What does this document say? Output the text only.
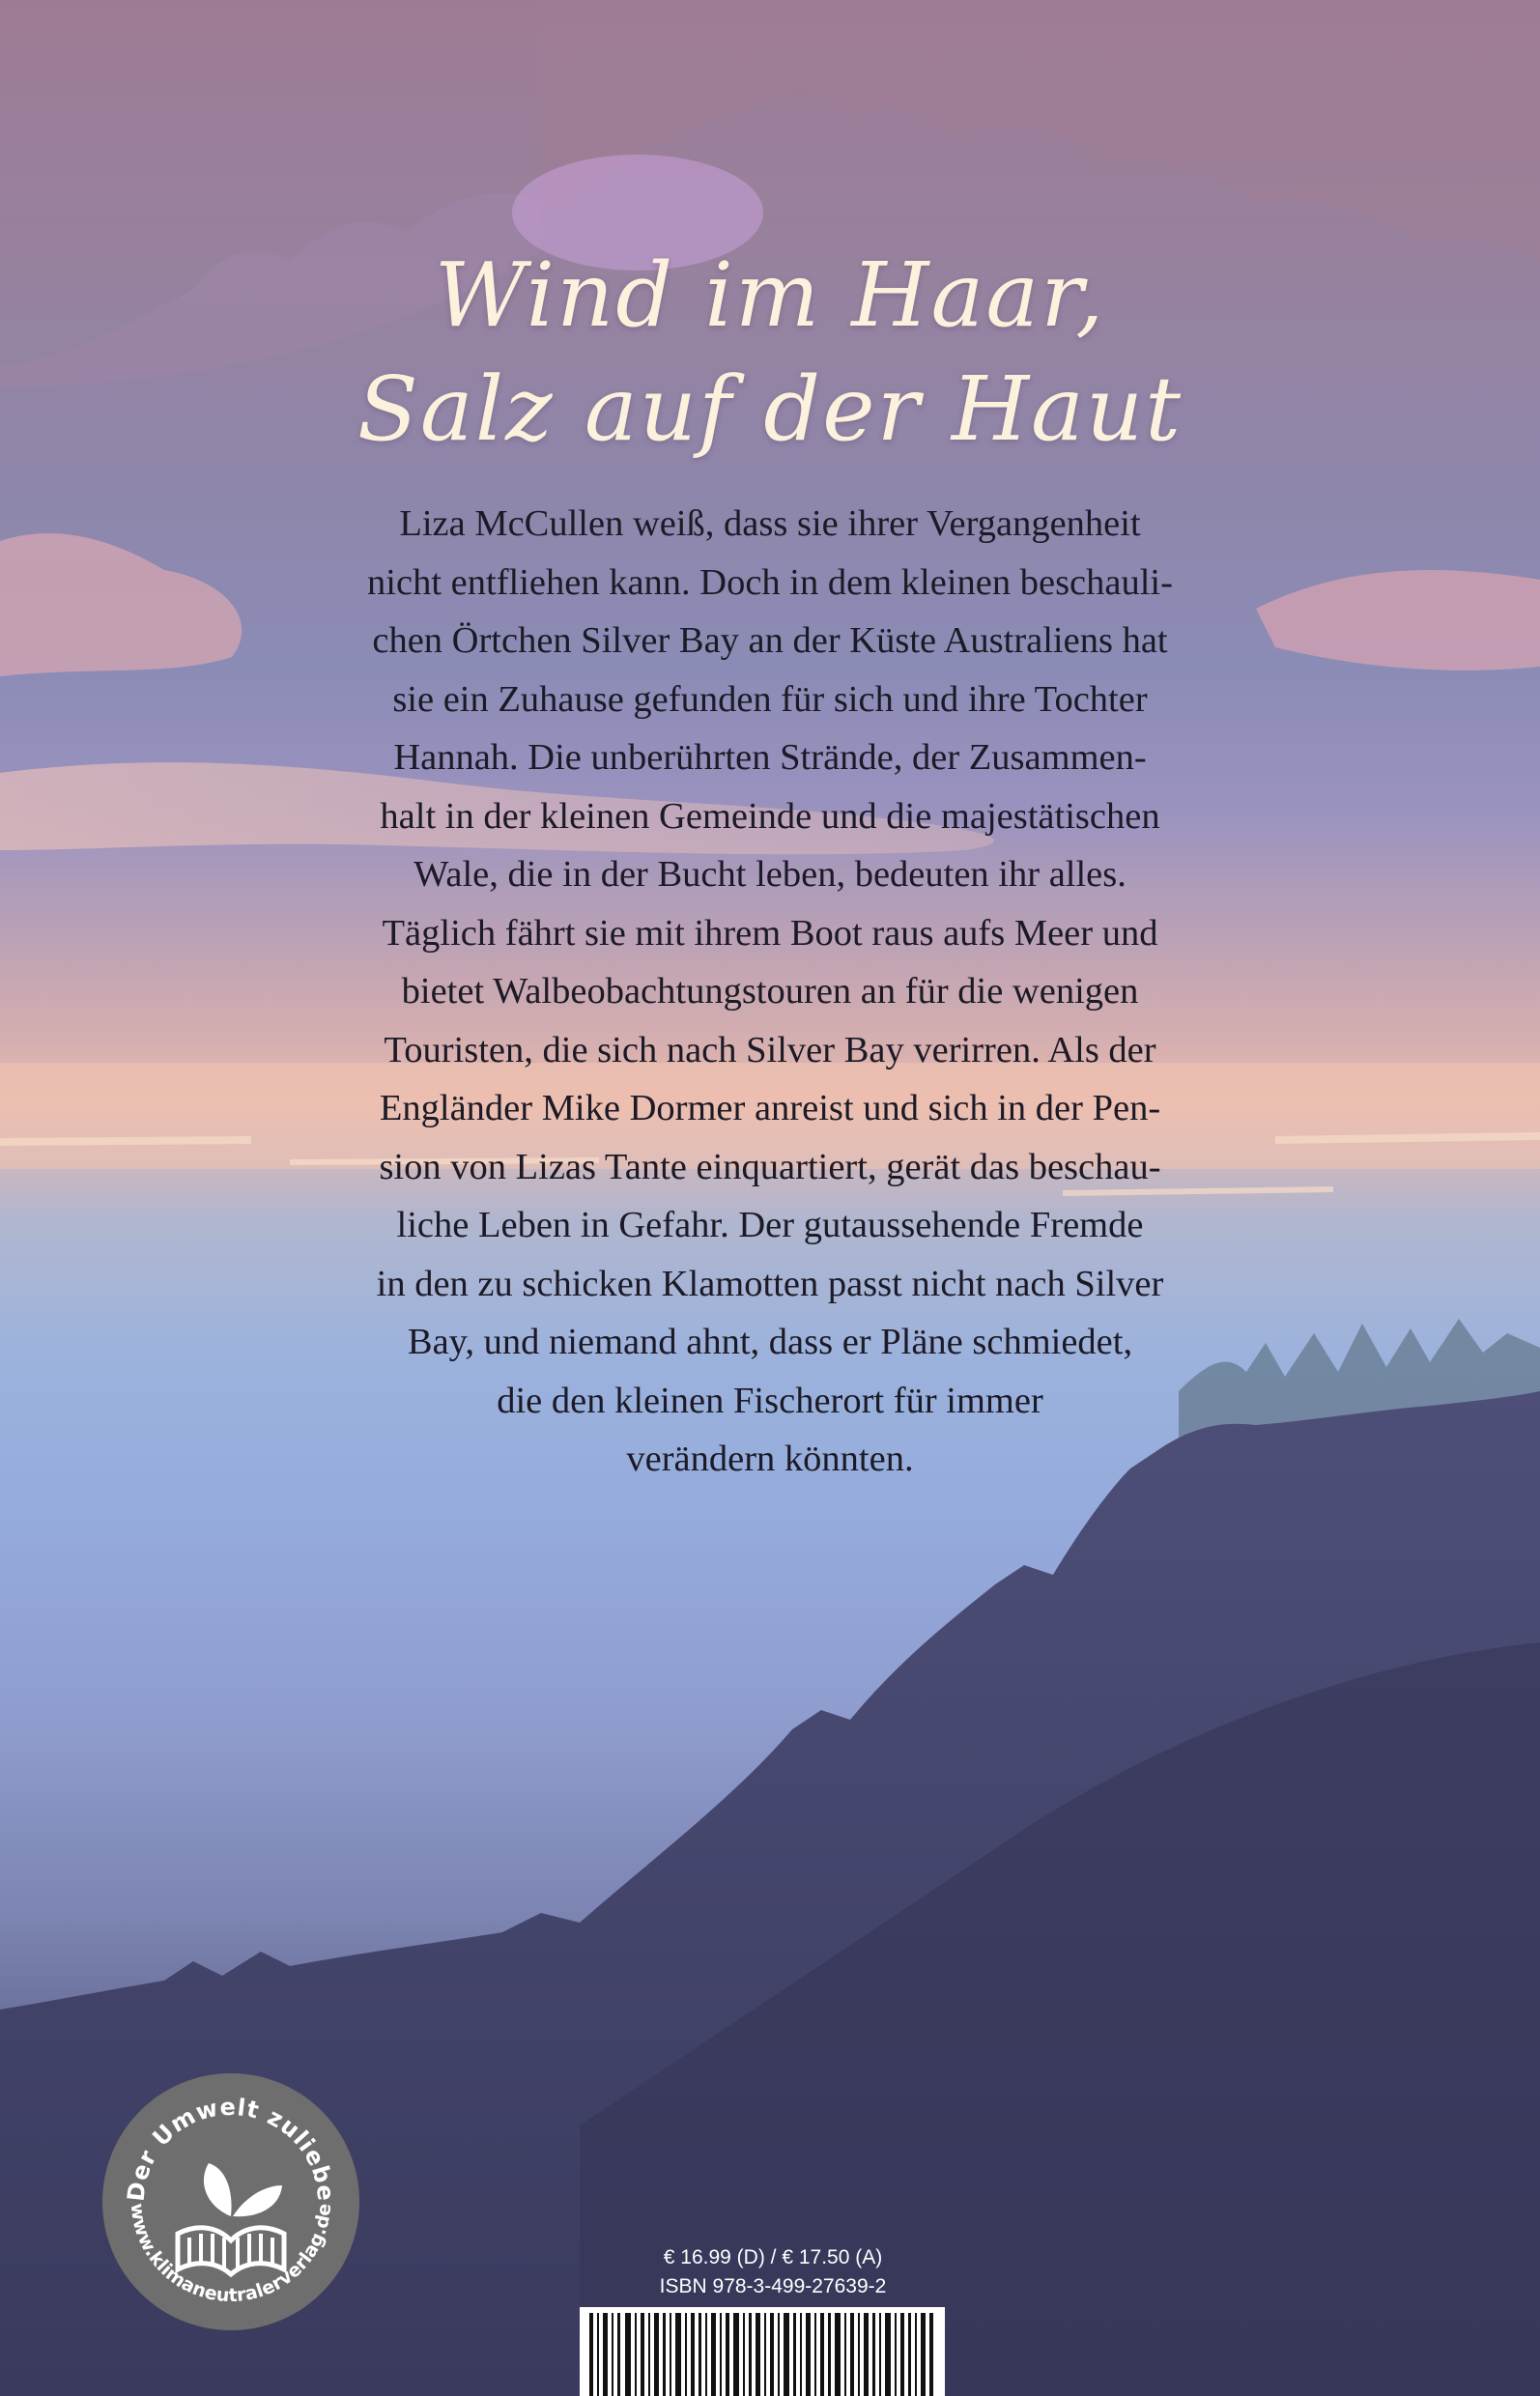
Wind im Haar,
Salz auf der Haut

Liza McCullen weiß, dass sie ihrer Vergangenheit
nicht entfliehen kann. Doch in dem kleinen beschauli-
chen Örtchen Silver Bay an der Küste Australiens hat
sie ein Zuhause gefunden für sich und ihre Tochter
Hannah. Die unberührten Strände, der Zusammen-
halt in der kleinen Gemeinde und die majestätischen
Wale, die in der Bucht leben, bedeuten ihr alles.
Täglich fährt sie mit ihrem Boot raus aufs Meer und
bietet Walbeobachtungstouren an für die wenigen
Touristen, die sich nach Silver Bay verirren. Als der
Engländer Mike Dormer anreist und sich in der Pen-
sion von Lizas Tante einquartiert, gerät das beschau-
liche Leben in Gefahr. Der gutaussehende Fremde
in den zu schicken Klamotten passt nicht nach Silver
Bay, und niemand ahnt, dass er Pläne schmiedet,
die den kleinen Fischerort für immer
verändern könnten.

Der Umwelt zuliebe
www.klimaneutralerverlag.de
€ 16.99 (D) / € 17.50 (A)
ISBN 978-3-499-27639-2
